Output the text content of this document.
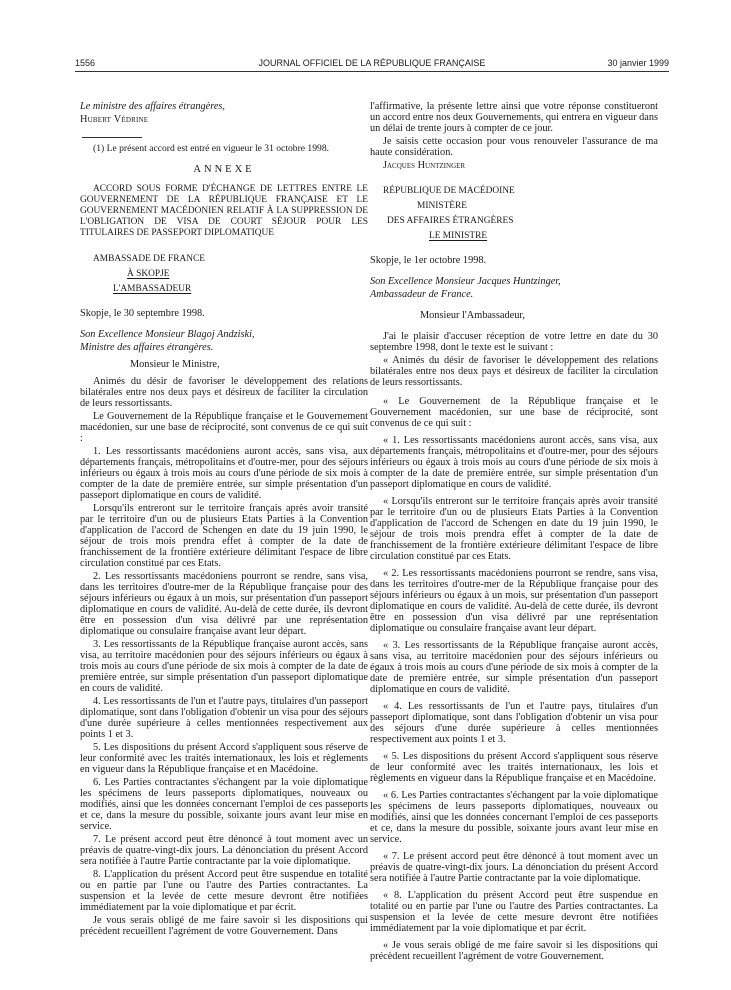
1556	JOURNAL OFFICIEL DE LA RÉPUBLIQUE FRANÇAISE	30 janvier 1999

Le ministre des affaires étrangères,

Hubert Védrine

(1) Le présent accord est entré en vigueur le 31 octobre 1998.

ANNEXE

ACCORD SOUS FORME D'ÉCHANGE DE LETTRES ENTRE LE GOUVERNEMENT DE LA RÉPUBLIQUE FRANÇAISE ET LE GOUVERNEMENT MACÉDONIEN RELATIF À LA SUPPRESSION DE L'OBLIGATION DE VISA DE COURT SÉJOUR POUR LES TITULAIRES DE PASSEPORT DIPLOMATIQUE

AMBASSADE DE FRANCE

À SKOPJE

L'AMBASSADEUR

Skopje, le 30 septembre 1998.

Son Excellence Monsieur Blagoj Andziski,

Ministre des affaires étrangères.

Monsieur le Ministre,

Animés du désir de favoriser le développement des relations bilatérales entre nos deux pays et désireux de faciliter la circulation de leurs ressortissants.

Le Gouvernement de la République française et le Gouvernement macédonien, sur une base de réciprocité, sont convenus de ce qui suit :

1. Les ressortissants macédoniens auront accès, sans visa, aux départements français, métropolitains et d'outre-mer, pour des séjours inférieurs ou égaux à trois mois au cours d'une période de six mois à compter de la date de première entrée, sur simple présentation d'un passeport diplomatique en cours de validité.

Lorsqu'ils entreront sur le territoire français après avoir transité par le territoire d'un ou de plusieurs Etats Parties à la Convention d'application de l'accord de Schengen en date du 19 juin 1990, le séjour de trois mois prendra effet à compter de la date de franchissement de la frontière extérieure délimitant l'espace de libre circulation constitué par ces Etats.

2. Les ressortissants macédoniens pourront se rendre, sans visa, dans les territoires d'outre-mer de la République française pour des séjours inférieurs ou égaux à un mois, sur présentation d'un passeport diplomatique en cours de validité. Au-delà de cette durée, ils devront être en possession d'un visa délivré par une représentation diplomatique ou consulaire française avant leur départ.

3. Les ressortissants de la République française auront accès, sans visa, au territoire macédonien pour des séjours inférieurs ou égaux à trois mois au cours d'une période de six mois à compter de la date de première entrée, sur simple présentation d'un passeport diplomatique en cours de validité.

4. Les ressortissants de l'un et l'autre pays, titulaires d'un passeport diplomatique, sont dans l'obligation d'obtenir un visa pour des séjours d'une durée supérieure à celles mentionnées respectivement aux points 1 et 3.

5. Les dispositions du présent Accord s'appliquent sous réserve de leur conformité avec les traités internationaux, les lois et règlements en vigueur dans la République française et en Macédoine.

6. Les Parties contractantes s'échangent par la voie diplomatique les spécimens de leurs passeports diplomatiques, nouveaux ou modifiés, ainsi que les données concernant l'emploi de ces passeports et ce, dans la mesure du possible, soixante jours avant leur mise en service.

7. Le présent accord peut être dénoncé à tout moment avec un préavis de quatre-vingt-dix jours. La dénonciation du présent Accord sera notifiée à l'autre Partie contractante par la voie diplomatique.

8. L'application du présent Accord peut être suspendue en totalité ou en partie par l'une ou l'autre des Parties contractantes. La suspension et la levée de cette mesure devront être notifiées immédiatement par la voie diplomatique et par écrit.

Je vous serais obligé de me faire savoir si les dispositions qui précèdent recueillent l'agrément de votre Gouvernement. Dans

l'affirmative, la présente lettre ainsi que votre réponse constitueront un accord entre nos deux Gouvernements, qui entrera en vigueur dans un délai de trente jours à compter de ce jour.

Je saisis cette occasion pour vous renouveler l'assurance de ma haute considération.

Jacques Huntzinger

RÉPUBLIQUE DE MACÉDOINE

MINISTÈRE

DES AFFAIRES ÉTRANGÈRES

LE MINISTRE

Skopje, le 1er octobre 1998.

Son Excellence Monsieur Jacques Huntzinger,

Ambassadeur de France.

Monsieur l'Ambassadeur,

J'ai le plaisir d'accuser réception de votre lettre en date du 30 septembre 1998, dont le texte est le suivant :

« Animés du désir de favoriser le développement des relations bilatérales entre nos deux pays et désireux de faciliter la circulation de leurs ressortissants.

« Le Gouvernement de la République française et le Gouvernement macédonien, sur une base de réciprocité, sont convenus de ce qui suit :

« 1. Les ressortissants macédoniens auront accès, sans visa, aux départements français, métropolitains et d'outre-mer, pour des séjours inférieurs ou égaux à trois mois au cours d'une période de six mois à compter de la date de première entrée, sur simple présentation d'un passeport diplomatique en cours de validité.

« Lorsqu'ils entreront sur le territoire français après avoir transité par le territoire d'un ou de plusieurs Etats Parties à la Convention d'application de l'accord de Schengen en date du 19 juin 1990, le séjour de trois mois prendra effet à compter de la date de franchissement de la frontière extérieure délimitant l'espace de libre circulation constitué par ces Etats.

« 2. Les ressortissants macédoniens pourront se rendre, sans visa, dans les territoires d'outre-mer de la République française pour des séjours inférieurs ou égaux à un mois, sur présentation d'un passeport diplomatique en cours de validité. Au-delà de cette durée, ils devront être en possession d'un visa délivré par une représentation diplomatique ou consulaire française avant leur départ.

« 3. Les ressortissants de la République française auront accès, sans visa, au territoire macédonien pour des séjours inférieurs ou égaux à trois mois au cours d'une période de six mois à compter de la date de première entrée, sur simple présentation d'un passeport diplomatique en cours de validité.

« 4. Les ressortissants de l'un et l'autre pays, titulaires d'un passeport diplomatique, sont dans l'obligation d'obtenir un visa pour des séjours d'une durée supérieure à celles mentionnées respectivement aux points 1 et 3.

« 5. Les dispositions du présent Accord s'appliquent sous réserve de leur conformité avec les traités internationaux, les lois et règlements en vigueur dans la République française et en Macédoine.

« 6. Les Parties contractantes s'échangent par la voie diplomatique les spécimens de leurs passeports diplomatiques, nouveaux ou modifiés, ainsi que les données concernant l'emploi de ces passeports et ce, dans la mesure du possible, soixante jours avant leur mise en service.

« 7. Le présent accord peut être dénoncé à tout moment avec un préavis de quatre-vingt-dix jours. La dénonciation du présent Accord sera notifiée à l'autre Partie contractante par la voie diplomatique.

« 8. L'application du présent Accord peut être suspendue en totalité ou en partie par l'une ou l'autre des Parties contractantes. La suspension et la levée de cette mesure devront être notifiées immédiatement par la voie diplomatique et par écrit.

« Je vous serais obligé de me faire savoir si les dispositions qui précèdent recueillent l'agrément de votre Gouvernement.
